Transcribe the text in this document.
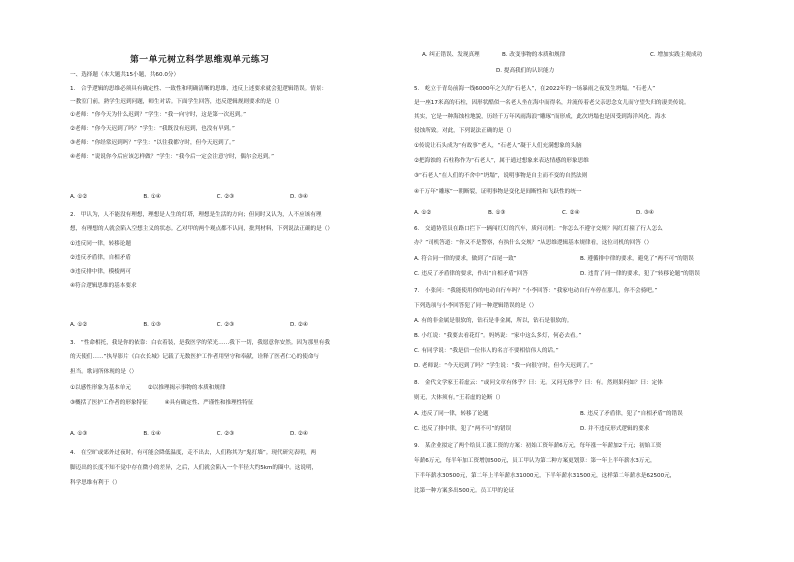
第一单元树立科学思维观单元练习
一、选择题（本大题共15小题，共60.0分）
1.　合乎逻辑的思维必须具有确定性、一致性和明确清晰的思维，违反上述要求就会犯逻辑错误。情景：
一教室门前，熟学生迟到问题，师生对话。下面学生回答，违反逻辑规则要求的是（）
①老师：“你今天为什么迟到？”学生：“我一向守时，这是第一次迟到。”
②老师：“你今天迟到了吗？”学生：“我既没有迟到，也没有早到。”
③老师：“你经常迟到吗？”学生：“以往我都守时，但今天迟到了。”
④老师：“说说你今后应该怎样做？”学生：“我今后一定会注意守时，偶尔会迟到。”
A. ①②	B. ①④	C. ②③	D. ③④
2.　甲认为，人不能没有理想，理想是人生的灯塔，理想是生活的方向；但同时又认为，人不应该有理
想，有理想的人就会陷入空想主义的状态。乙对甲的两个观点都不认同，批判材料，下列说法正确的是（）
①违反同一律，转移论题
②违反矛盾律，自相矛盾
③违反排中律，模棱两可
④符合逻辑思维的基本要求
A. ①②	B. ①③	C. ②③	D. ②④
3.　“性命相托，我是你的依靠：白衣着装，是我医学的荣光……我下一切，我愿意你安然。因为那里有我
的天使们……”执导影片《白衣长城》记载了无数医护工作者用坚守和奉献，诠释了医者仁心的使命与
担当。歌词所体现的是（）
①以感性形象为基本单元　　　②以推理揭示事物的本质和规律
③概括了医护工作者的形象特征　　　④具有确定性、严谨性和推理性特征
A. ①③	B. ①④	C. ②③	D. ②④
4.　在空旷或郊外过夜时，有可能会降低温度，走不出去，人们称其为“鬼打墙”。现代研究表明，两
脚迈出的长度不知不觉中存在微小的差异，之后，人们就会陷入一个半径大约5km的圈中。这说明，
科学思维有利于（）
A. 纠正错误、发现真理	B. 改变事物的本质和规律	C. 增加实践主观成功
D. 提高我们的认识能力
5.　屹立于青岛前海一线6000年之久的“石老人”，在2022年的一场暴雨之夜发生坍塌。“石老人”
是一座17米高的石柱，因形状酷似一名老人坐在海中而得名，并流传着老父亲思念女儿而守望失归的凄美传说。
其实，它是一种海蚀柱地貌，历经千万年风雨海浪“雕琢”而形成，此次坍塌也是因受到海洋风化、海水
侵蚀所致。对此，下列说法正确的是（）
①传说让石头成为“有故事”老人，“石老人”凝于人们充满想象的头脑
②把海蚀的 石柱称作为“石老人”，属于通过想象来表达情感的形象思维
③“石老人”在人们的不舍中“坍塌”，说明事物是自主而不变的自然法则
④千万年“雕琢”一朝断裂，证明事物是变化是间断性和飞跃性的统一
A. ①②	B. ①③	C. ②④	D. ③④
6.　交通协管员在路口拦下一辆闯红灯的汽车，质问司机：“你怎么不遵守交规？闯红灯撞了行人怎么
办？”司机答道：“你又不是警察，有执什么交规？”从思维逻辑基本规律看，这位司机的回答（）
A. 符合同一律的要求，做到了“首尾一致”	B. 遵循排中律的要求，避免了“两不可”的错误
C. 违反了矛盾律的要求，作出“自相矛盾”回答	D. 违背了同一律的要求，犯了“转移论题”的错误
7.　小张问：“我能使用你的电动自行车吗？”小李回答：“我家电动自行车停在那儿，你不会骑吧。”
下列选项与小李回答犯了同一种逻辑错误的是（）
A. 有的非金属是很软的，钻石是非金属，所以，钻石是很软的。
B. 小红说：“我要去看花灯”。妈妈说：“家中这么多灯，何必去看。”
C. 有同学说：“我是信一位伟人的名言不要相信伟人的话。”
D. 老师说：“今天迟到了吗？”学生说：“我一向很守时，但今天迟到了。”
8.　金代文学家王若虚云：“或问文章有体乎？曰：无。又问无体乎？曰：有。然则果何如？曰：定体
则无，大体须有。”王若虚的论断（）
A. 违反了同一律，转移了论题	B. 违反了矛盾律，犯了“自相矛盾”的错误
C. 违反了排中律，犯了“两不可”的错误	D. 并不违反形式逻辑的要求
9.　某企业拟定了两个给员工涨工资的方案：初始工资年薪6万元，每年涨一年薪加2千元；初始工资
年薪6万元，每半年加工资增加500元，员工甲认为第二种方案更划算：第一年上半年薪水3万元，
下半年薪水30500元，第二年上半年薪水31000元，下半年薪水31500元，这样第二年薪水是62500元，
比第一种方案多出500元。员工甲的论证
